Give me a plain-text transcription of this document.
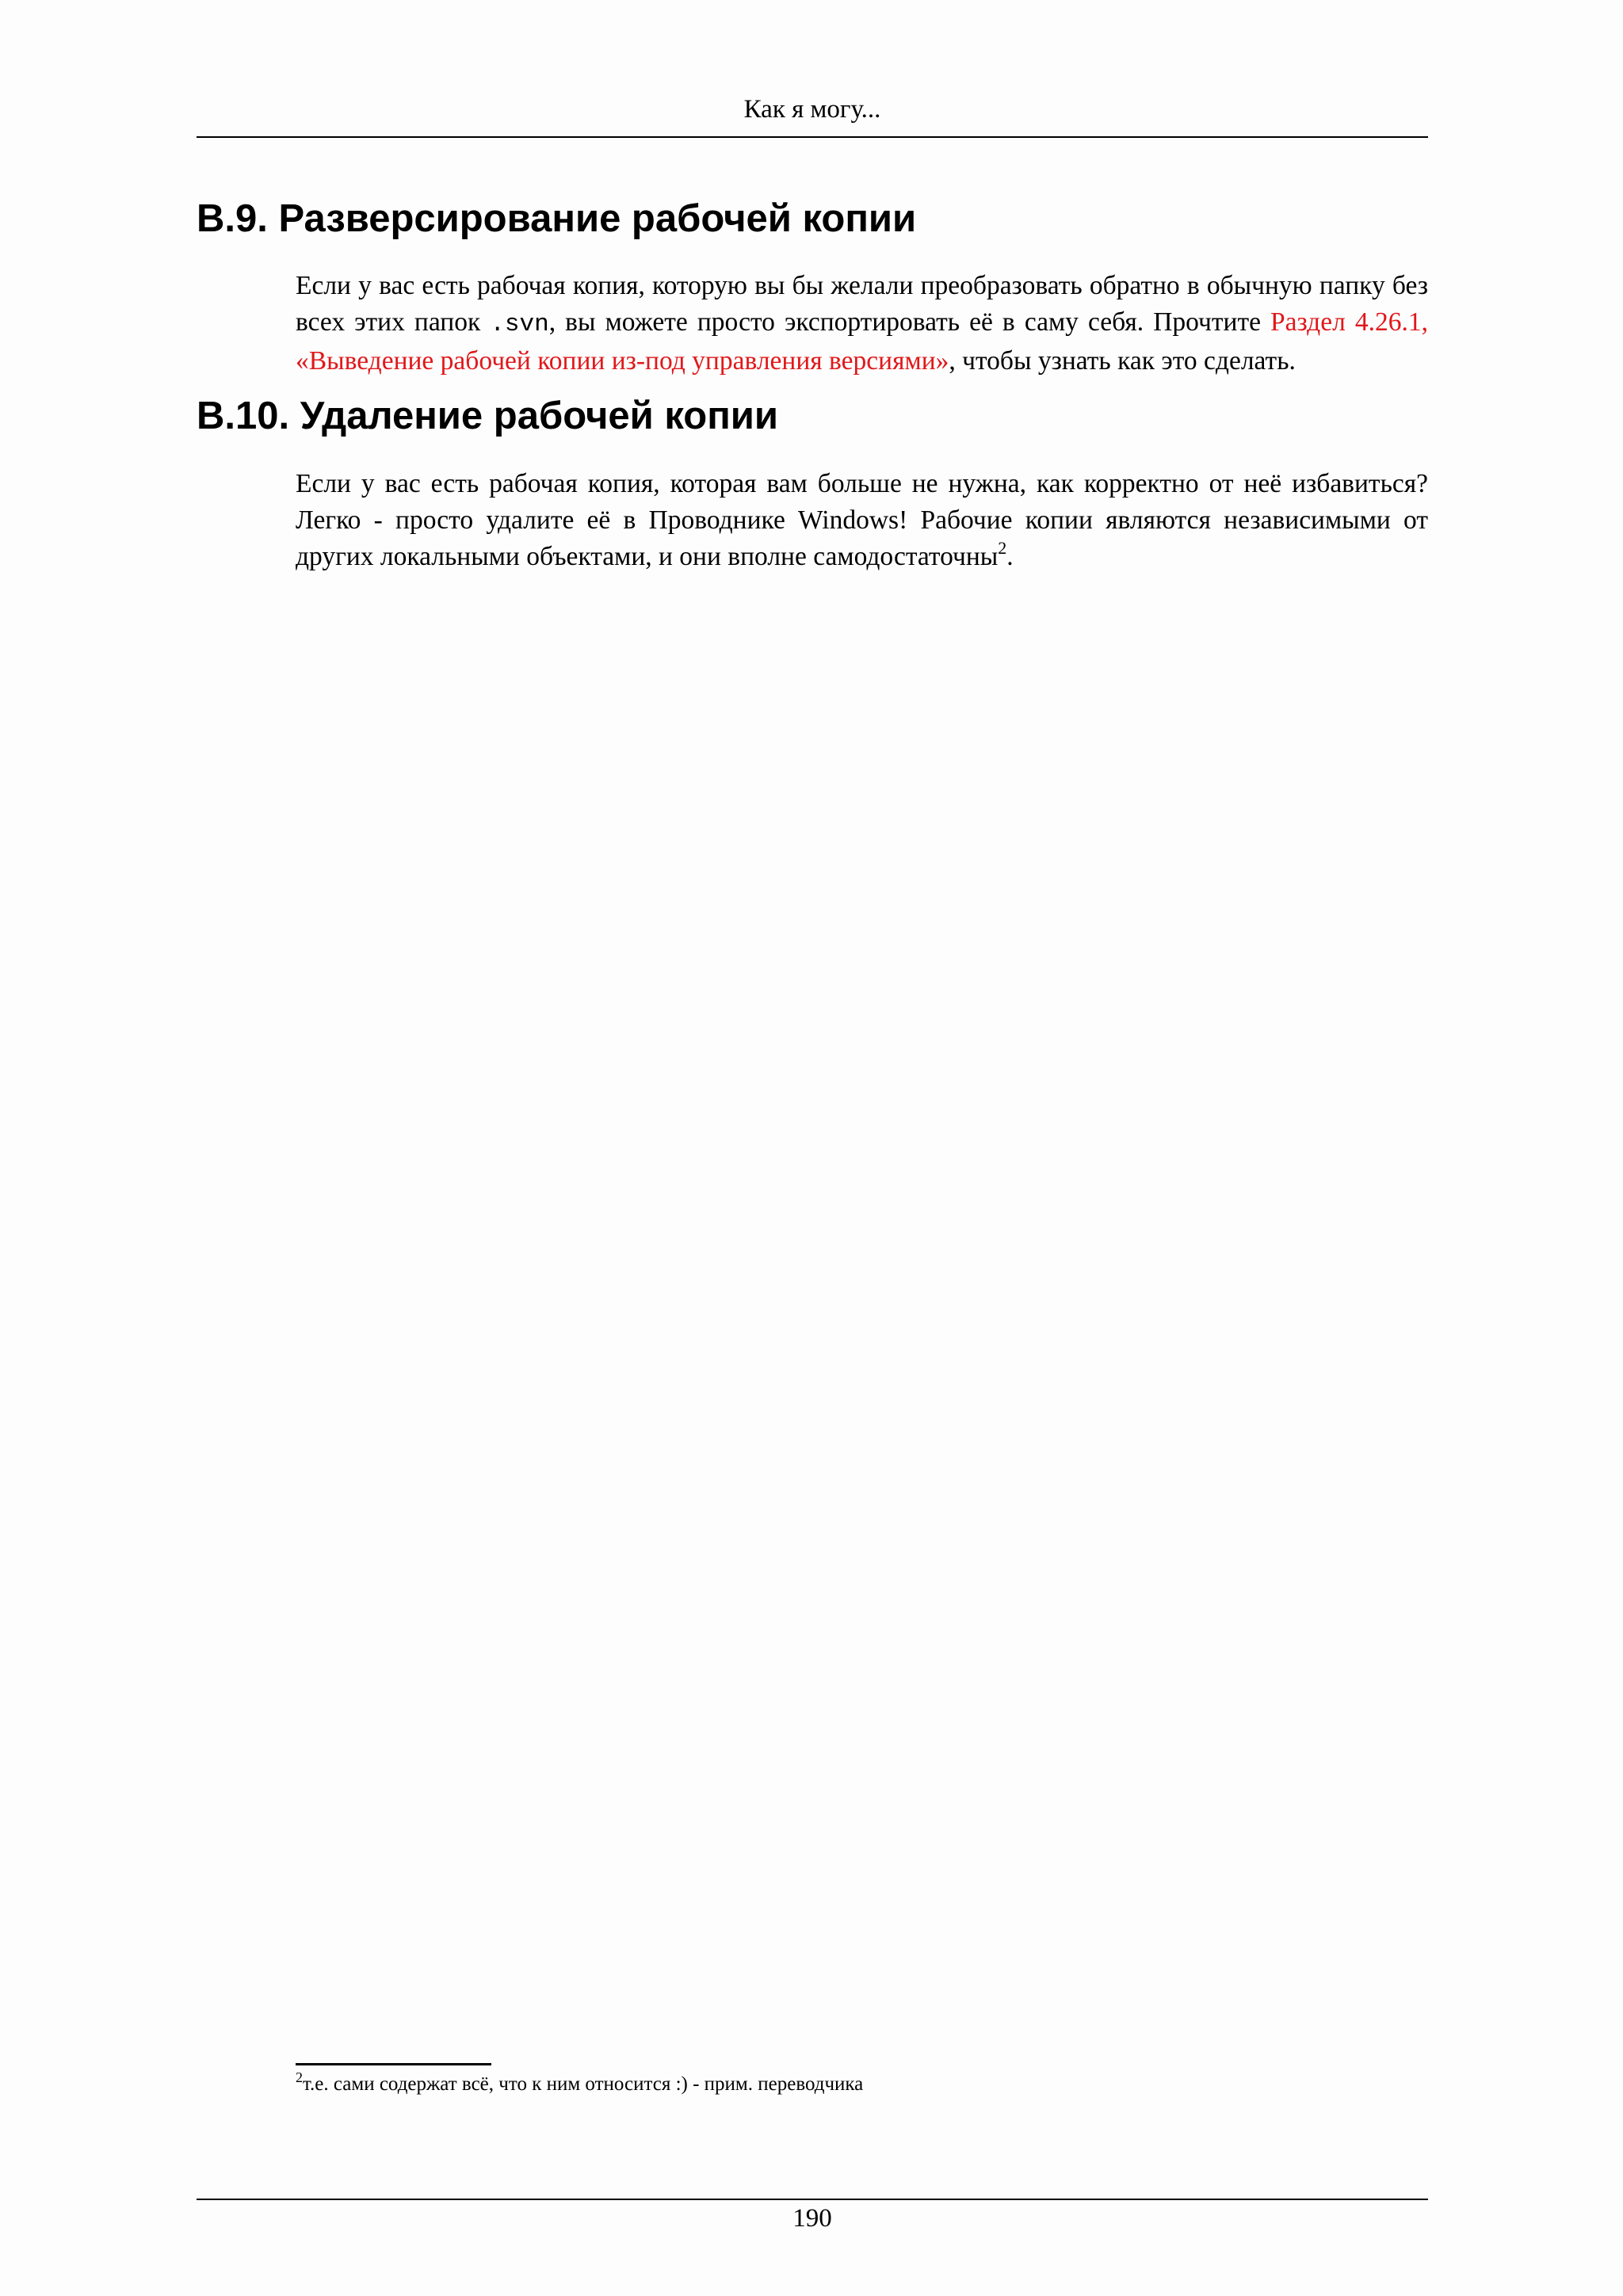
Как я могу...
B.9. Разверсирование рабочей копии

Если у вас есть рабочая копия, которую вы бы желали преобразовать обратно в обычную папку без всех этих папок .svn, вы можете просто экспортировать её в саму себя. Прочтите Раздел 4.26.1, «Выведение рабочей копии из-под управления версиями», чтобы узнать как это сделать.

B.10. Удаление рабочей копии

Если у вас есть рабочая копия, которая вам больше не нужна, как корректно от неё избавиться? Легко - просто удалите её в Проводнике Windows! Рабочие копии являются независимыми от других локальными объектами, и они вполне самодостаточны$^2$.

$^2$т.е. сами содержат всё, что к ним относится :) - прим. переводчика
190
